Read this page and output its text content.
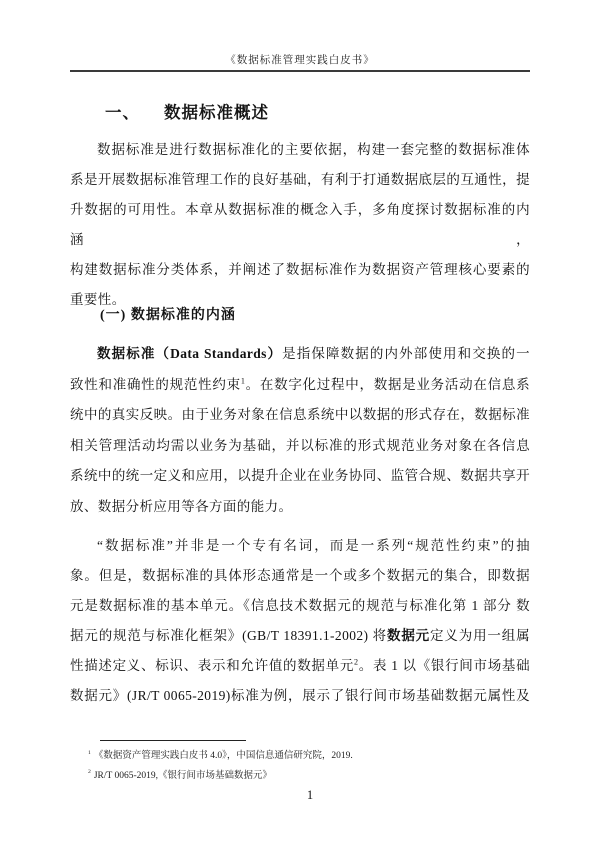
《数据标准管理实践白皮书》
一、 数据标准概述
数据标准是进行数据标准化的主要依据，构建一套完整的数据标准体
系是开展数据标准管理工作的良好基础，有利于打通数据底层的互通性，提
升数据的可用性。本章从数据标准的概念入手，多角度探讨数据标准的内涵，
构建数据标准分类体系，并阐述了数据标准作为数据资产管理核心要素的
重要性。
(一) 数据标准的内涵
数据标准（Data Standards）是指保障数据的内外部使用和交换的一
致性和准确性的规范性约束$^1$。在数字化过程中，数据是业务活动在信息系
统中的真实反映。由于业务对象在信息系统中以数据的形式存在，数据标准
相关管理活动均需以业务为基础，并以标准的形式规范业务对象在各信息
系统中的统一定义和应用，以提升企业在业务协同、监管合规、数据共享开
放、数据分析应用等各方面的能力。
“数据标准”并非是一个专有名词，而是一系列“规范性约束”的抽
象。但是，数据标准的具体形态通常是一个或多个数据元的集合，即数据
元是数据标准的基本单元。《信息技术数据元的规范与标准化第 1 部分 数
据元的规范与标准化框架》(GB/T 18391.1-2002) 将数据元定义为用一组属
性描述定义、标识、表示和允许值的数据单元$^2$。表 1 以《银行间市场基础
数据元》(JR/T 0065-2019)标准为例，展示了银行间市场基础数据元属性及
$^1$ 《数据资产管理实践白皮书 4.0》，中国信息通信研究院，2019.
$^2$ JR/T 0065-2019,《银行间市场基础数据元》
1
